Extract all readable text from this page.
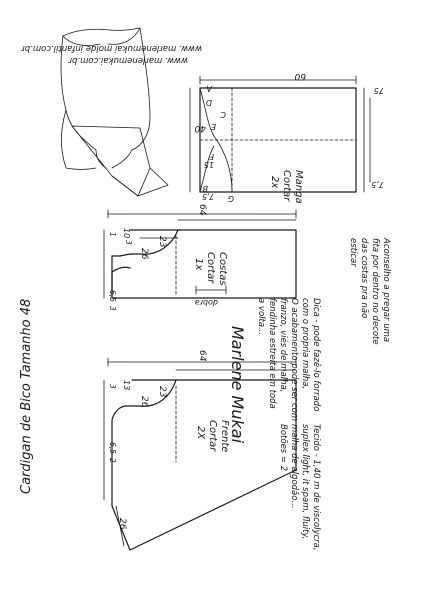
www. marlenemukai.com.br
www. marlenemukai molde infantil.com.br
60
40
75
15
7,5
7,5
B
F
E
C
D
A
G	Manga
Cortar
2x
Aconselho a pregar uma
fita por dentro no decote
das costas pra não
esticar
64
26
23
10
1
3
6,5
3
Costas
Cortar
1x
dobra
Marlene Mukai	Dica - pode fazê-lo forrado
com o própria malha,
O acabamento pode ser com
franzo, viés de malha,
fendinha estreita em toda
a volta...
64
26
23
13
3
6,5
2
26
Frente
Cortar
2X
Cardigan de Bico Tamanho 48	Tecido - 1,40 m de viscolycra,
suplex light, it spam, fluity,
malha de algodão...
Botões = 2
